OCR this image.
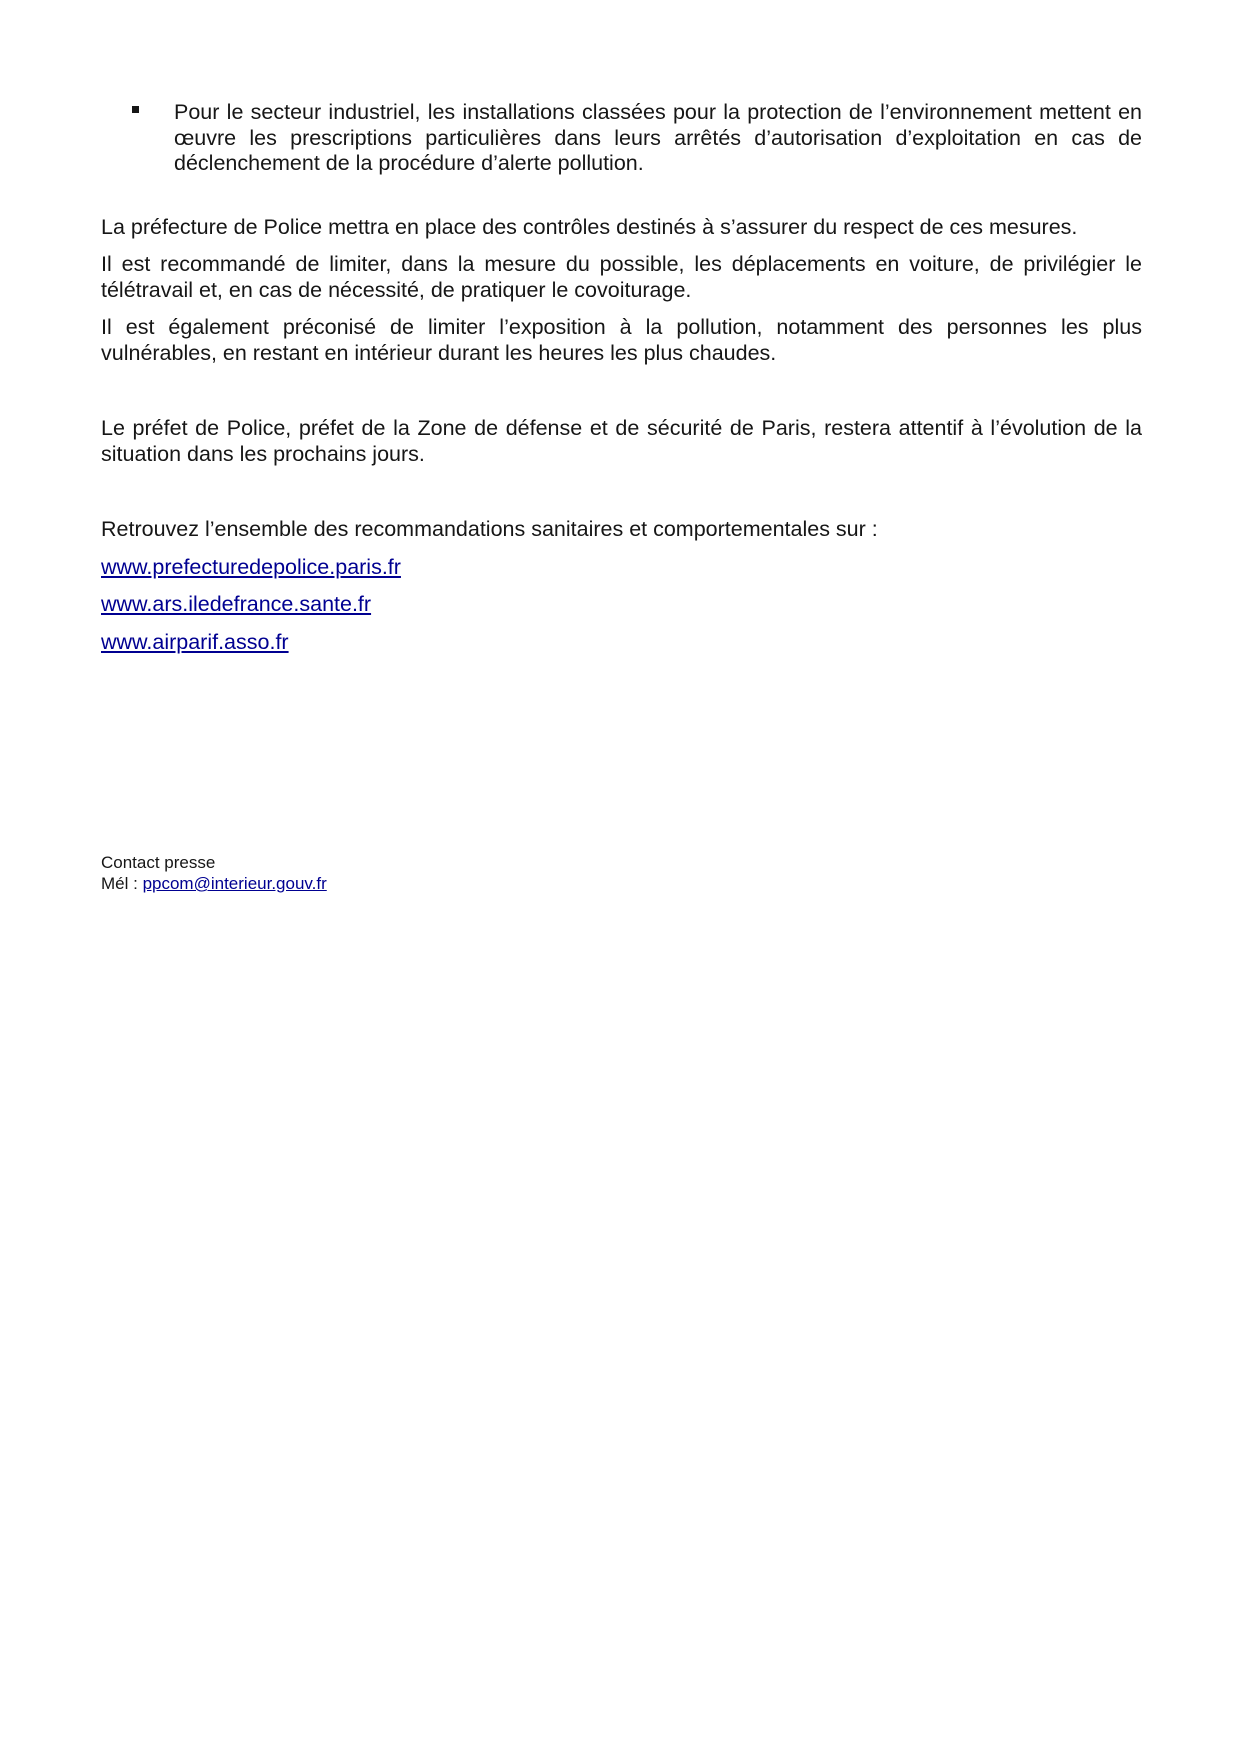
Pour le secteur industriel, les installations classées pour la protection de l’environnement mettent en œuvre les prescriptions particulières dans leurs arrêtés d’autorisation d’exploitation en cas de déclenchement de la procédure d’alerte pollution.

La préfecture de Police mettra en place des contrôles destinés à s’assurer du respect de ces mesures.

Il est recommandé de limiter, dans la mesure du possible, les déplacements en voiture, de privilégier le télétravail et, en cas de nécessité, de pratiquer le covoiturage.

Il est également préconisé de limiter l’exposition à la pollution, notamment des personnes les plus vulnérables, en restant en intérieur durant les heures les plus chaudes.

Le préfet de Police, préfet de la Zone de défense et de sécurité de Paris, restera attentif à l’évolution de la situation dans les prochains jours.

Retrouvez l’ensemble des recommandations sanitaires et comportementales sur :

www.prefecturedepolice.paris.fr
www.ars.iledefrance.sante.fr
www.airparif.asso.fr
Contact presse
Mél : ppcom@interieur.gouv.fr
